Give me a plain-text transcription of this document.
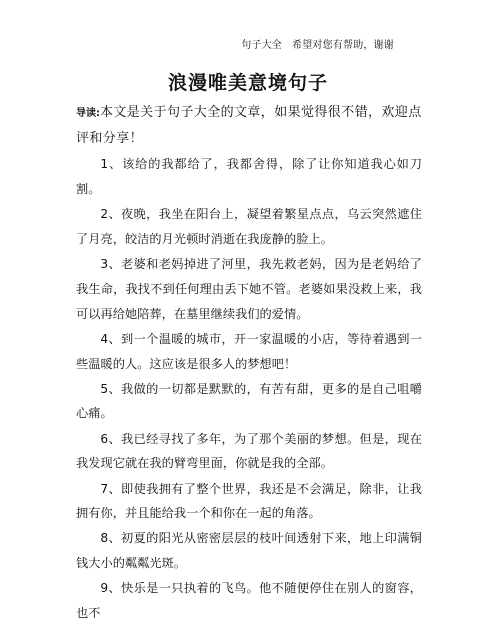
句子大全 希望对您有帮助，谢谢
浪漫唯美意境句子

导读:本文是关于句子大全的文章，如果觉得很不错，欢迎点评和分享！

1、该给的我都给了，我都舍得，除了让你知道我心如刀割。

2、夜晚，我坐在阳台上，凝望着繁星点点，乌云突然遮住了月亮，皎洁的月光顿时消逝在我庞静的脸上。

3、老婆和老妈掉进了河里，我先救老妈，因为是老妈给了我生命，我找不到任何理由丢下她不管。老婆如果没救上来，我可以再给她陪葬，在墓里继续我们的爱情。

4、到一个温暖的城市，开一家温暖的小店，等待着遇到一些温暖的人。这应该是很多人的梦想吧！

5、我做的一切都是默默的，有苦有甜，更多的是自己咀嚼心痛。

6、我已经寻找了多年，为了那个美丽的梦想。但是，现在我发现它就在我的臂弯里面，你就是我的全部。

7、即使我拥有了整个世界，我还是不会满足，除非，让我拥有你，并且能给我一个和你在一起的角落。

8、初夏的阳光从密密层层的枝叶间透射下来，地上印满铜钱大小的粼粼光斑。

9、快乐是一只执着的飞鸟。他不随便停住在别人的窗容，也不
